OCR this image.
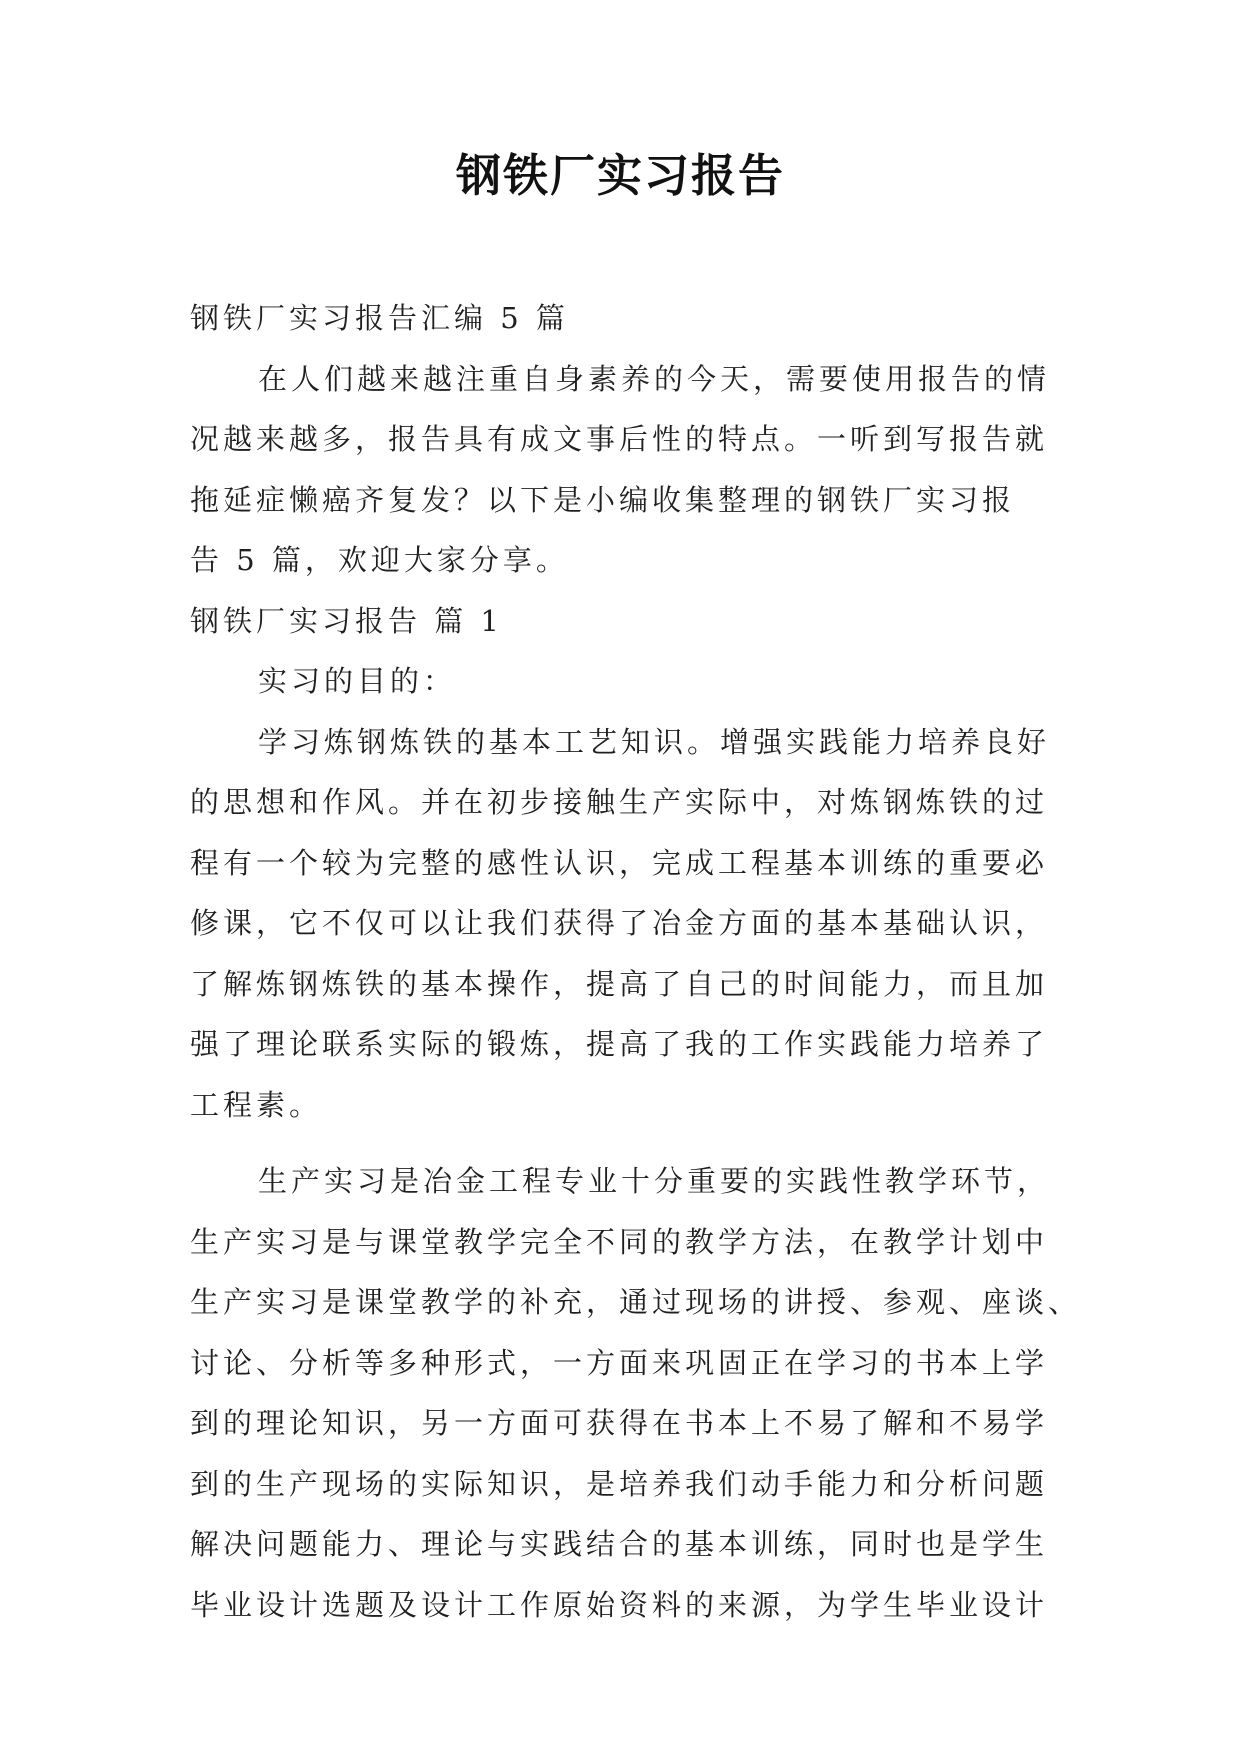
钢铁厂实习报告

钢铁厂实习报告汇编 5 篇

在人们越来越注重自身素养的今天，需要使用报告的情

况越来越多，报告具有成文事后性的特点。一听到写报告就

拖延症懒癌齐复发？以下是小编收集整理的钢铁厂实习报

告 5 篇，欢迎大家分享。

钢铁厂实习报告 篇 1

实习的目的：

学习炼钢炼铁的基本工艺知识。增强实践能力培养良好

的思想和作风。并在初步接触生产实际中，对炼钢炼铁的过

程有一个较为完整的感性认识，完成工程基本训练的重要必

修课，它不仅可以让我们获得了冶金方面的基本基础认识，

了解炼钢炼铁的基本操作，提高了自己的时间能力，而且加

强了理论联系实际的锻炼，提高了我的工作实践能力培养了

工程素。

生产实习是冶金工程专业十分重要的实践性教学环节，

生产实习是与课堂教学完全不同的教学方法，在教学计划中

生产实习是课堂教学的补充，通过现场的讲授、参观、座谈、

讨论、分析等多种形式，一方面来巩固正在学习的书本上学

到的理论知识，另一方面可获得在书本上不易了解和不易学

到的生产现场的实际知识，是培养我们动手能力和分析问题

解决问题能力、理论与实践结合的基本训练，同时也是学生

毕业设计选题及设计工作原始资料的来源，为学生毕业设计
